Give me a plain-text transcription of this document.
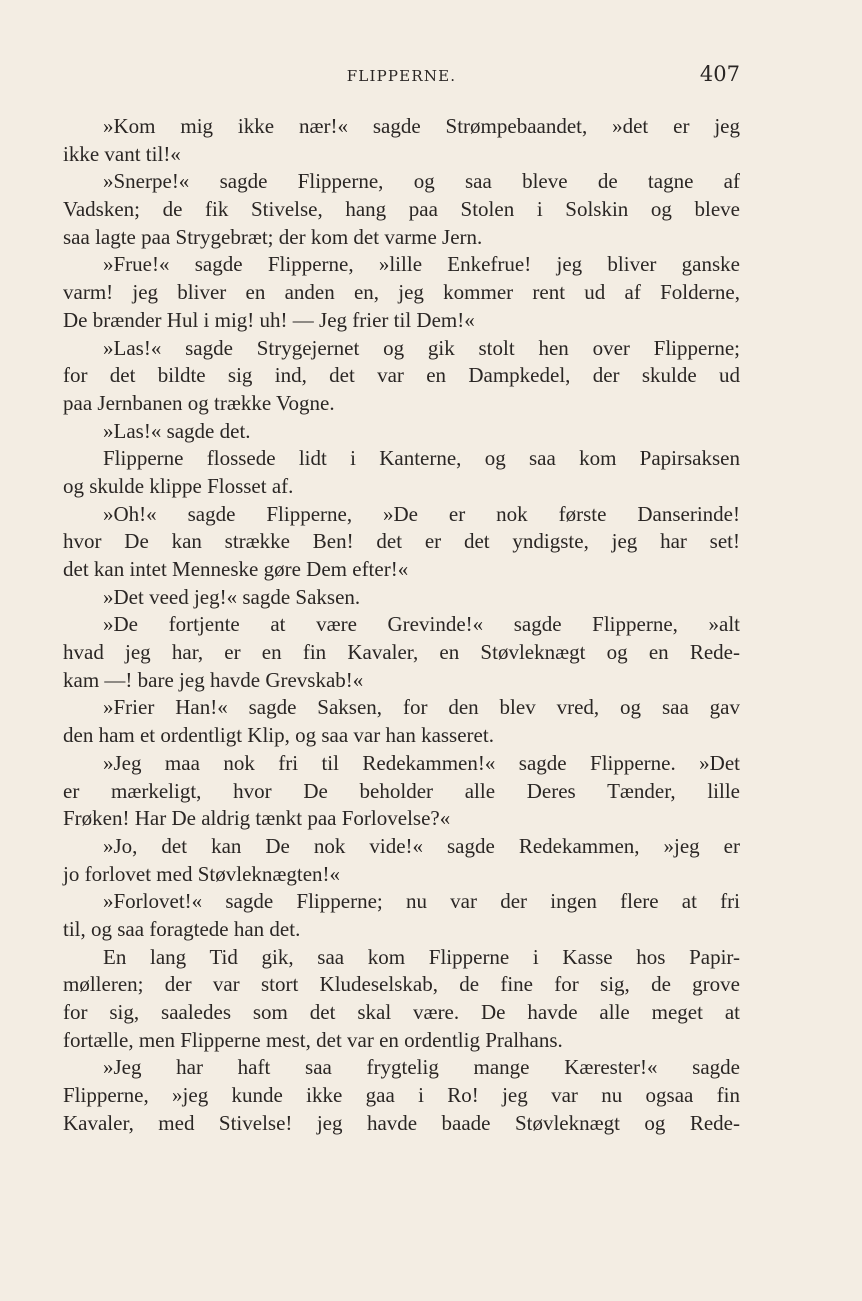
FLIPPERNE.	407
»Kom mig ikke nær!« sagde Strømpebaandet, »det er jeg
ikke vant til!«
»Snerpe!« sagde Flipperne, og saa bleve de tagne af
Vadsken; de fik Stivelse, hang paa Stolen i Solskin og bleve
saa lagte paa Strygebræt; der kom det varme Jern.
»Frue!« sagde Flipperne, »lille Enkefrue! jeg bliver ganske
varm! jeg bliver en anden en, jeg kommer rent ud af Folderne,
De brænder Hul i mig! uh! — Jeg frier til Dem!«
»Las!« sagde Strygejernet og gik stolt hen over Flipperne;
for det bildte sig ind, det var en Dampkedel, der skulde ud
paa Jernbanen og trække Vogne.
»Las!« sagde det.
Flipperne flossede lidt i Kanterne, og saa kom Papirsaksen
og skulde klippe Flosset af.
»Oh!« sagde Flipperne, »De er nok første Danserinde!
hvor De kan strække Ben! det er det yndigste, jeg har set!
det kan intet Menneske gøre Dem efter!«
»Det veed jeg!« sagde Saksen.
»De fortjente at være Grevinde!« sagde Flipperne, »alt
hvad jeg har, er en fin Kavaler, en Støvleknægt og en Rede-
kam —! bare jeg havde Grevskab!«
»Frier Han!« sagde Saksen, for den blev vred, og saa gav
den ham et ordentligt Klip, og saa var han kasseret.
»Jeg maa nok fri til Redekammen!« sagde Flipperne. »Det
er mærkeligt, hvor De beholder alle Deres Tænder, lille
Frøken! Har De aldrig tænkt paa Forlovelse?«
»Jo, det kan De nok vide!« sagde Redekammen, »jeg er
jo forlovet med Støvleknægten!«
»Forlovet!« sagde Flipperne; nu var der ingen flere at fri
til, og saa foragtede han det.
En lang Tid gik, saa kom Flipperne i Kasse hos Papir-
mølleren; der var stort Kludeselskab, de fine for sig, de grove
for sig, saaledes som det skal være. De havde alle meget at
fortælle, men Flipperne mest, det var en ordentlig Pralhans.
»Jeg har haft saa frygtelig mange Kærester!« sagde
Flipperne, »jeg kunde ikke gaa i Ro! jeg var nu ogsaa fin
Kavaler, med Stivelse! jeg havde baade Støvleknægt og Rede-
